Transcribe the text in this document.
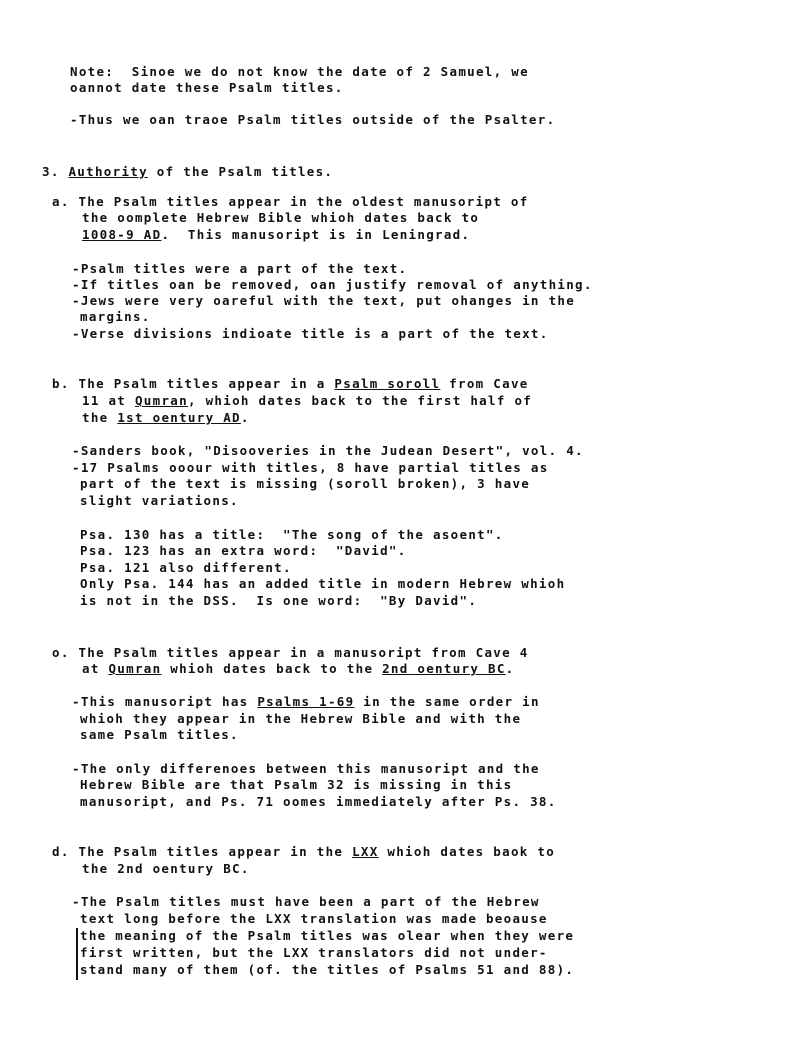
Note:  Sinoe we do not know the date of 2 Samuel, we
oannot date these Psalm titles.
-Thus we oan traoe Psalm titles outside of the Psalter.
3. Authority of the Psalm titles.
a. The Psalm titles appear in the oldest manusoript of
the oomplete Hebrew Bible whioh dates back to
1008-9 AD.  This manusoript is in Leningrad.
-Psalm titles were a part of the text.
-If titles oan be removed, oan justify removal of anything.
-Jews were very oareful with the text, put ohanges in the
margins.
-Verse divisions indioate title is a part of the text.
b. The Psalm titles appear in a Psalm soroll from Cave
11 at Qumran, whioh dates back to the first half of
the 1st oentury AD.
-Sanders book, "Disooveries in the Judean Desert", vol. 4.
-17 Psalms ooour with titles, 8 have partial titles as
part of the text is missing (soroll broken), 3 have
slight variations.
Psa. 130 has a title:  "The song of the asoent".
Psa. 123 has an extra word:  "David".
Psa. 121 also different.
Only Psa. 144 has an added title in modern Hebrew whioh
is not in the DSS.  Is one word:  "By David".
o. The Psalm titles appear in a manusoript from Cave 4
at Qumran whioh dates back to the 2nd oentury BC.
-This manusoript has Psalms 1-69 in the same order in
whioh they appear in the Hebrew Bible and with the
same Psalm titles.
-The only differenoes between this manusoript and the
Hebrew Bible are that Psalm 32 is missing in this
manusoript, and Ps. 71 oomes immediately after Ps. 38.
d. The Psalm titles appear in the LXX whioh dates baok to
the 2nd oentury BC.
-The Psalm titles must have been a part of the Hebrew
text long before the LXX translation was made beoause
the meaning of the Psalm titles was olear when they were
first written, but the LXX translators did not under-
stand many of them (of. the titles of Psalms 51 and 88).
